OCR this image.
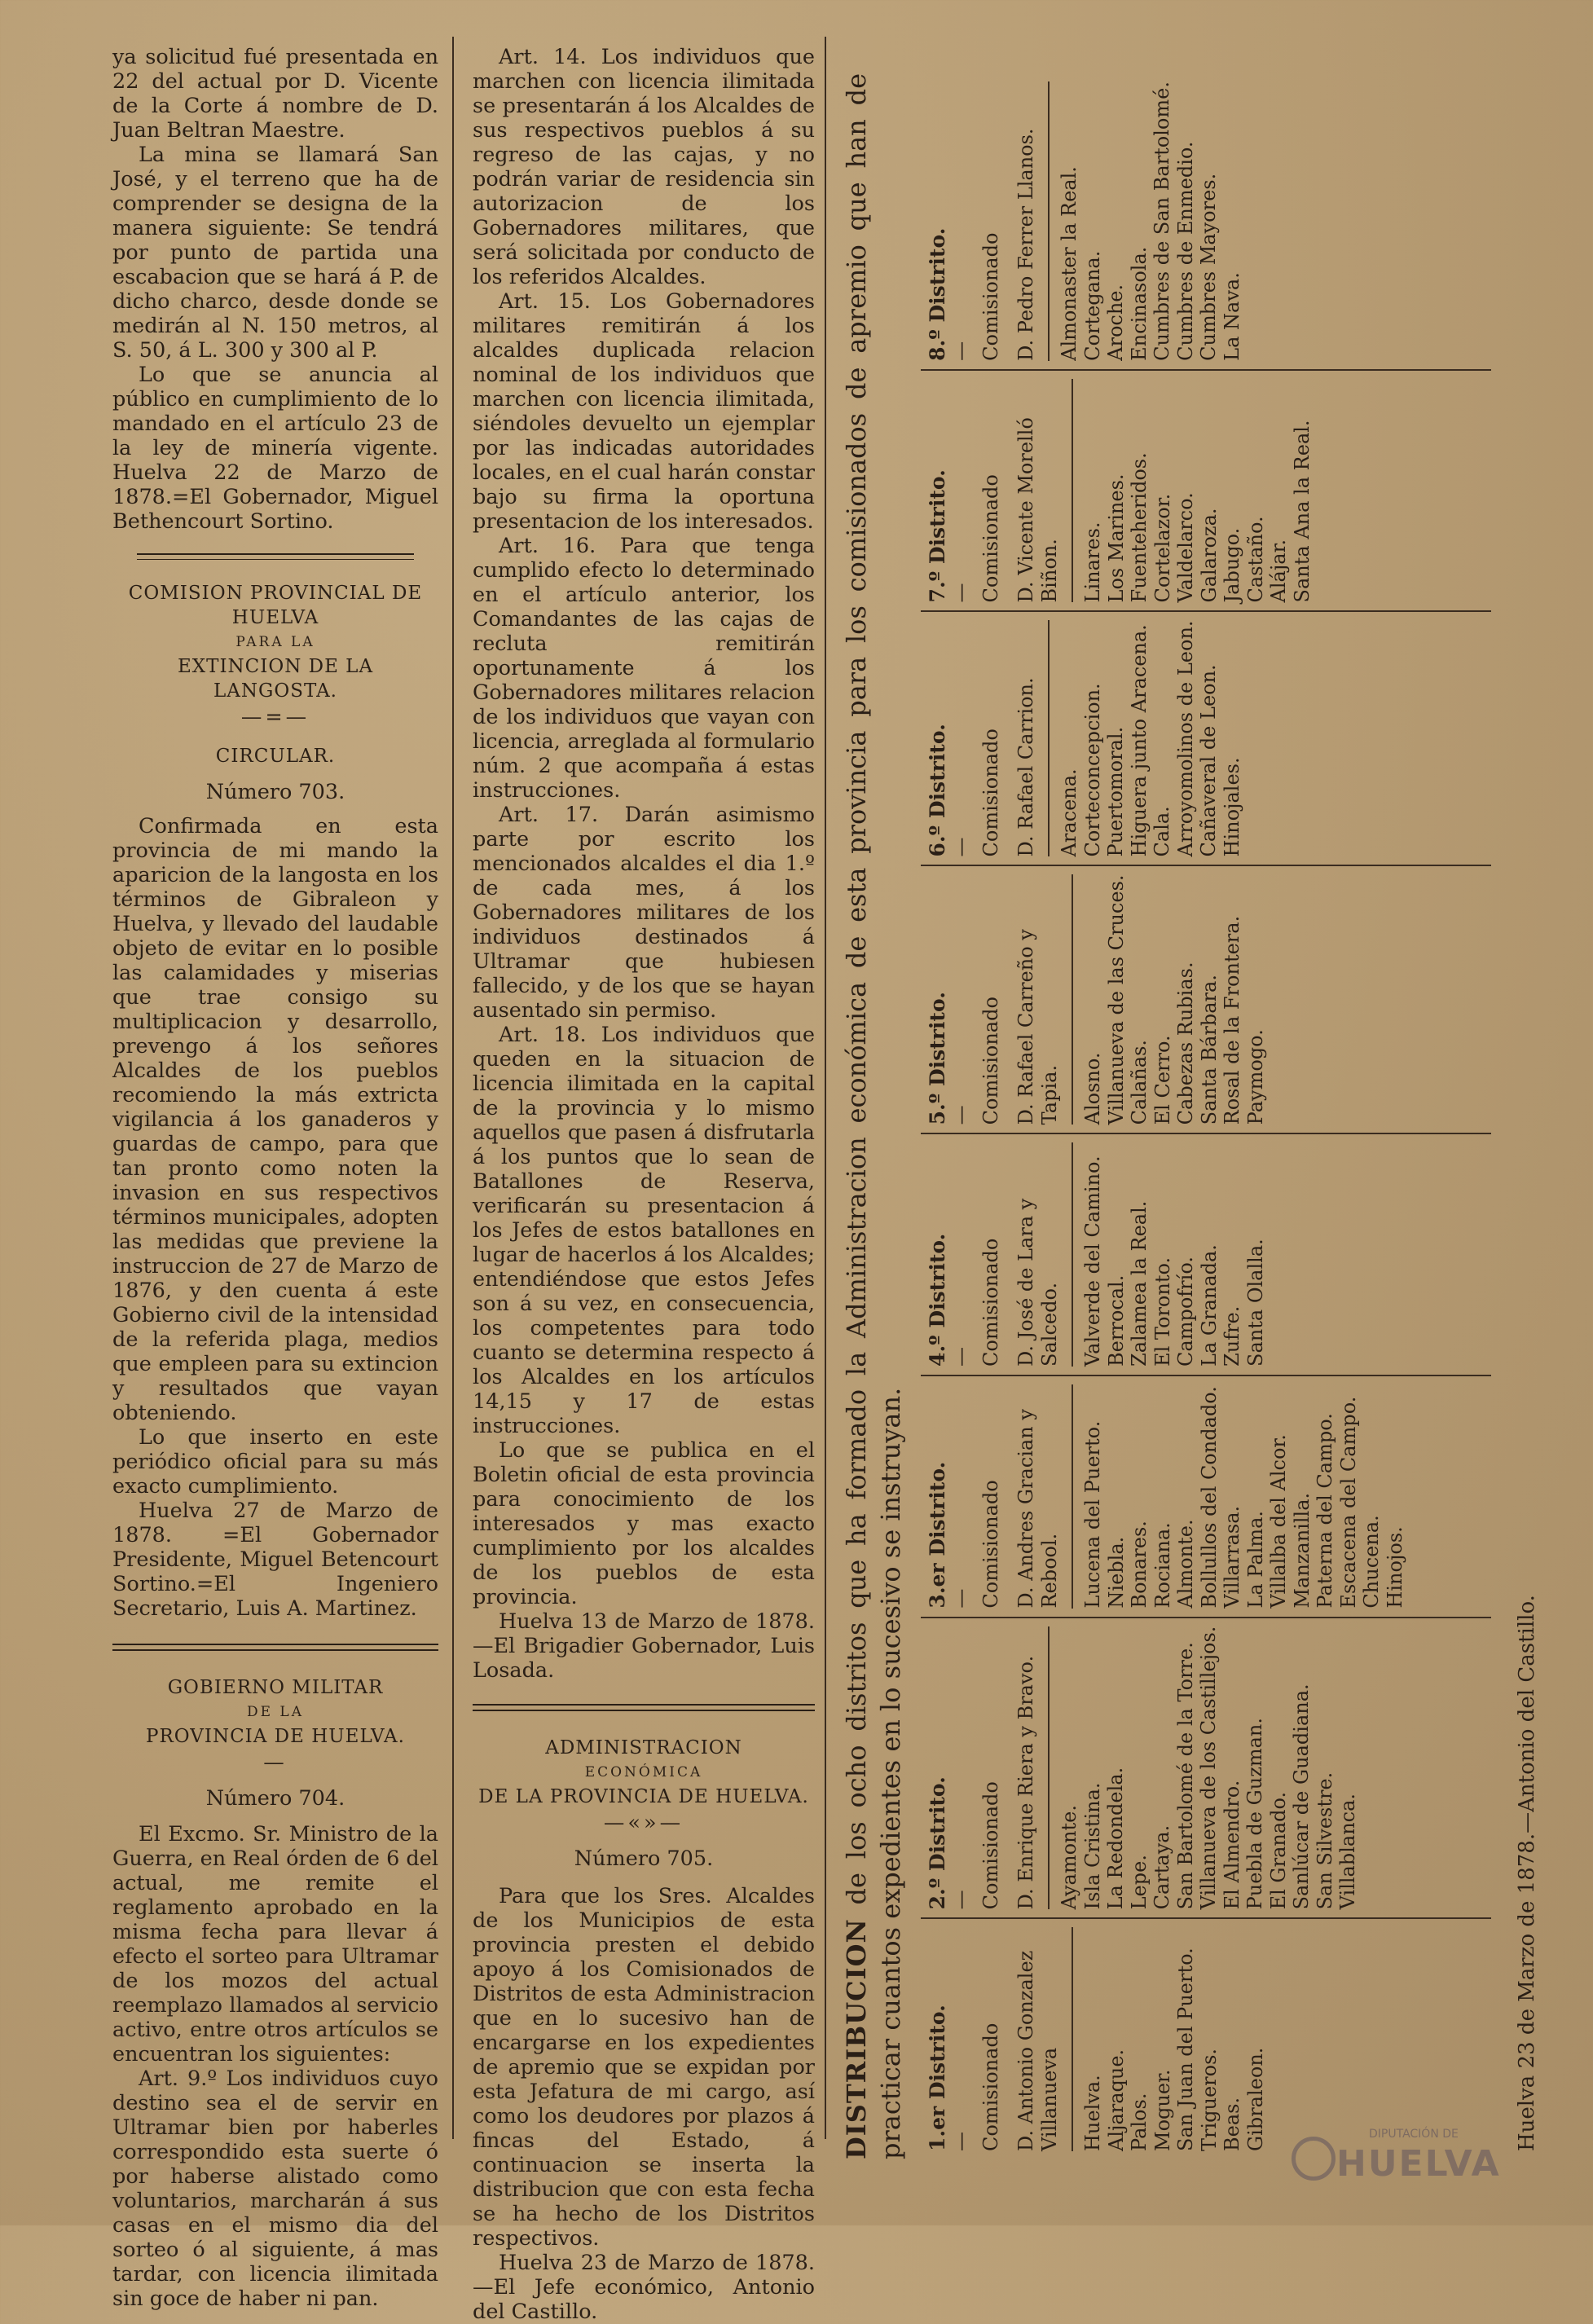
ya solicitud fué presentada en 22 del actual por D. Vicente de la Corte á nombre de D. Juan Beltran Maestre.

La mina se llamará San José, y el terreno que ha de comprender se designa de la manera siguiente: Se tendrá por punto de partida una escabacion que se hará á P. de dicho charco, desde donde se medirán al N. 150 metros, al S. 50, á L. 300 y 300 al P.

Lo que se anuncia al público en cumplimiento de lo mandado en el artículo 23 de la ley de minería vigente. Huelva 22 de Marzo de 1878.=El Gobernador, Miguel Bethencourt Sortino.

COMISION PROVINCIAL DE HUELVA

PARA LA

EXTINCION DE LA LANGOSTA.

—=—

CIRCULAR.

Número 703.

Confirmada en esta provincia de mi mando la aparicion de la langosta en los términos de Gibraleon y Huelva, y llevado del laudable objeto de evitar en lo posible las calamidades y miserias que trae consigo su multiplicacion y desarrollo, prevengo á los señores Alcaldes de los pueblos recomiendo la más extricta vigilancia á los ganaderos y guardas de campo, para que tan pronto como noten la invasion en sus respectivos términos municipales, adopten las medidas que previene la instruccion de 27 de Marzo de 1876, y den cuenta á este Gobierno civil de la intensidad de la referida plaga, medios que empleen para su extincion y resultados que vayan obteniendo.

Lo que inserto en este periódico oficial para su más exacto cumplimiento.

Huelva 27 de Marzo de 1878. =El Gobernador Presidente, Miguel Betencourt Sortino.=El Ingeniero Secretario, Luis A. Martinez.

GOBIERNO MILITAR

DE LA

PROVINCIA DE HUELVA.

—

Número 704.

El Excmo. Sr. Ministro de la Guerra, en Real órden de 6 del actual, me remite el reglamento aprobado en la misma fecha para llevar á efecto el sorteo para Ultramar de los mozos del actual reemplazo llamados al servicio activo, entre otros artículos se encuentran los siguientes:

Art. 9.º Los individuos cuyo destino sea el de servir en Ultramar bien por haberles correspondido esta suerte ó por haberse alistado como voluntarios, marcharán á sus casas en el mismo dia del sorteo ó al siguiente, á mas tardar, con licencia ilimitada sin goce de haber ni pan.

Art. 14. Los individuos que marchen con licencia ilimitada se presentarán á los Alcaldes de sus respectivos pueblos á su regreso de las cajas, y no podrán variar de residencia sin autorizacion de los Gobernadores militares, que será solicitada por conducto de los referidos Alcaldes.

Art. 15. Los Gobernadores militares remitirán á los alcaldes duplicada relacion nominal de los individuos que marchen con licencia ilimitada, siéndoles devuelto un ejemplar por las indicadas autoridades locales, en el cual harán constar bajo su firma la oportuna presentacion de los interesados.

Art. 16. Para que tenga cumplido efecto lo determinado en el artículo anterior, los Comandantes de las cajas de recluta remitirán oportunamente á los Gobernadores militares relacion de los individuos que vayan con licencia, arreglada al formulario núm. 2 que acompaña á estas instrucciones.

Art. 17. Darán asimismo parte por escrito los mencionados alcaldes el dia 1.º de cada mes, á los Gobernadores militares de los individuos destinados á Ultramar que hubiesen fallecido, y de los que se hayan ausentado sin permiso.

Art. 18. Los individuos que queden en la situacion de licencia ilimitada en la capital de la provincia y lo mismo aquellos que pasen á disfrutarla á los puntos que lo sean de Batallones de Reserva, verificarán su presentacion á los Jefes de estos batallones en lugar de hacerlos á los Alcaldes; entendiéndose que estos Jefes son á su vez, en consecuencia, los competentes para todo cuanto se determina respecto á los Alcaldes en los artículos 14,15 y 17 de estas instrucciones.

Lo que se publica en el Boletin oficial de esta provincia para conocimiento de los interesados y mas exacto cumplimiento por los alcaldes de los pueblos de esta provincia.

Huelva 13 de Marzo de 1878.—El Brigadier Gobernador, Luis Losada.

ADMINISTRACION

ECONÓMICA

DE LA PROVINCIA DE HUELVA.

—«»—

Número 705.

Para que los Sres. Alcaldes de los Municipios de esta provincia presten el debido apoyo á los Comisionados de Distritos de esta Administracion que en lo sucesivo han de encargarse en los expedientes de apremio que se expidan por esta Jefatura de mi cargo, así como los deudores por plazos á fincas del Estado, á continuacion se inserta la distribucion que con esta fecha se ha hecho de los Distritos respectivos.

Huelva 23 de Marzo de 1878. —El Jefe económico, Antonio del Castillo.

DISTRIBUCION de los ocho distritos que ha formado la Administracion económica de esta provincia para los comisionados de apremio que han de practicar cuantos expedientes en lo sucesivo se instruyan. 1.er Distrito. — Comisionado D. Antonio Gonzalez Villanueva Huelva. Aljaraque. Palos. Moguer. San Juan del Puerto. Trigueros. Beas. Gibraleon.
2.º Distrito. — Comisionado D. Enrique Riera y Bravo. Ayamonte. Isla Cristina. La Redondela. Lepe. Cartaya. San Bartolomé de la Torre. Villanueva de los Castillejos. El Almendro. Puebla de Guzman. El Granado. Sanlúcar de Guadiana. San Silvestre. Villablanca.
3.er Distrito. — Comisionado D. Andres Gracian y Rebool. Lucena del Puerto. Niebla. Bonares. Rociana. Almonte. Bollullos del Condado. Villarrasa. La Palma. Villalba del Alcor. Manzanilla. Paterna del Campo. Escacena del Campo. Chucena. Hinojos.
4.º Distrito. — Comisionado D. José de Lara y Salcedo. Valverde del Camino. Berrocal. Zalamea la Real. El Toronto. Campofrío. La Granada. Zufre. Santa Olalla.
5.º Distrito. — Comisionado D. Rafael Carreño y Tapia. Alosno. Villanueva de las Cruces. Calañas. El Cerro. Cabezas Rubias. Santa Bárbara. Rosal de la Frontera. Paymogo.
6.º Distrito. — Comisionado D. Rafael Carrion. Aracena. Corteconcepcion. Puertomoral. Higuera junto Aracena. Cala. Arroyomolinos de Leon. Cañaveral de Leon. Hinojales.
7.º Distrito. — Comisionado D. Vicente Morelló Biñon. Linares. Los Marines. Fuenteheridos. Cortelazor. Valdelarco. Galaroza. Jabugo. Castaño. Alájar. Santa Ana la Real.
8.º Distrito. — Comisionado D. Pedro Ferrer Llanos. Almonaster la Real. Cortegana. Aroche. Encinasola. Cumbres de San Bartolomé. Cumbres de Enmedio. Cumbres Mayores. La Nava.
Huelva 23 de Marzo de 1878.—Antonio del Castillo.
DIPUTACIÓN DE
HUELVA
